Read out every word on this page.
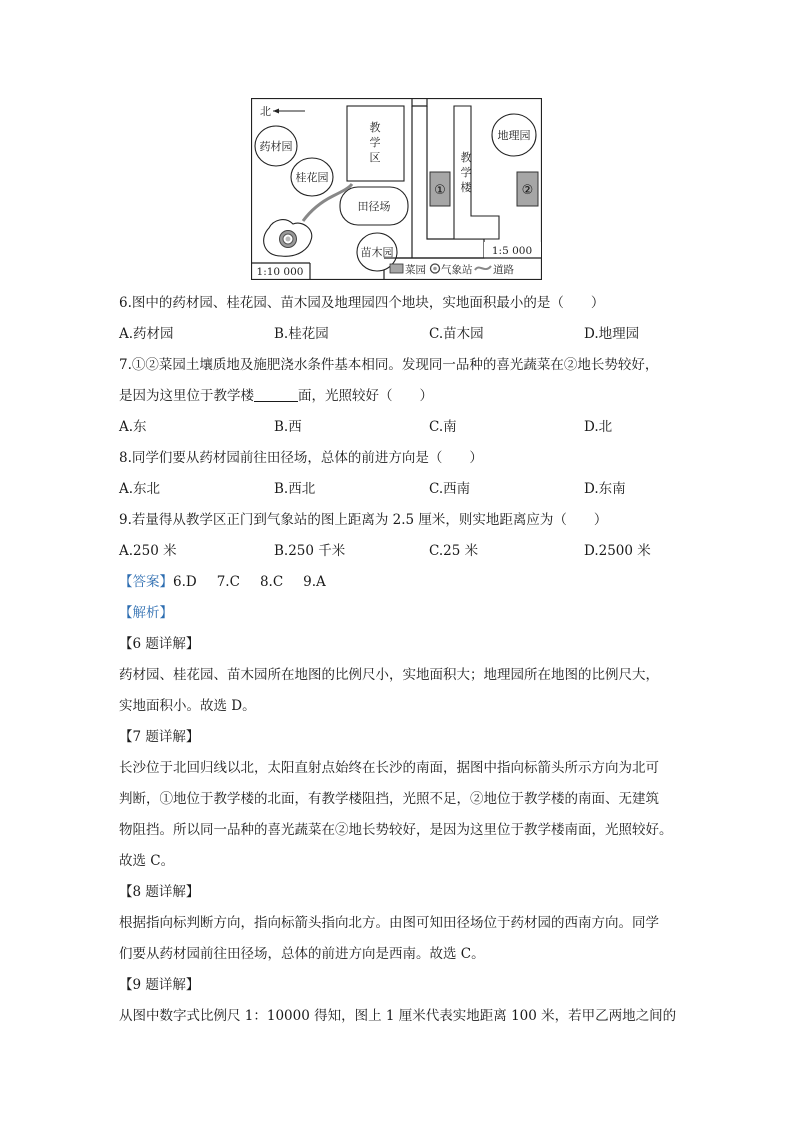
北
药材园
桂花园
教
学
区
田径场
苗木园
教
学
楼
地理园
①	②
1:5 000
1:10 000	菜园 气象站 道路
6.图中的药材园、桂花园、苗木园及地理园四个地块，实地面积最小的是（　　）
A.药材园	B.桂花园	C.苗木园	D.地理园
7.①②菜园土壤质地及施肥浇水条件基本相同。发现同一品种的喜光蔬菜在②地长势较好，
是因为这里位于教学楼	面，光照较好（　　）
A.东	B.西	C.南	D.北
8.同学们要从药材园前往田径场，总体的前进方向是（　　）
A.东北	B.西北	C.西南	D.东南
9.若量得从教学区正门到气象站的图上距离为 2.5 厘米，则实地距离应为（　　）
A.250 米	B.250 千米	C.25 米	D.2500 米
【答案】6.D 7.C 8.C 9.A
【解析】
【6 题详解】
药材园、桂花园、苗木园所在地图的比例尺小，实地面积大；地理园所在地图的比例尺大，
实地面积小。故选 D。
【7 题详解】
长沙位于北回归线以北，太阳直射点始终在长沙的南面，据图中指向标箭头所示方向为北可
判断，①地位于教学楼的北面，有教学楼阻挡，光照不足，②地位于教学楼的南面、无建筑
物阻挡。所以同一品种的喜光蔬菜在②地长势较好，是因为这里位于教学楼南面，光照较好。
故选 C。
【8 题详解】
根据指向标判断方向，指向标箭头指向北方。由图可知田径场位于药材园的西南方向。同学
们要从药材园前往田径场，总体的前进方向是西南。故选 C。
【9 题详解】
从图中数字式比例尺 1：10000 得知，图上 1 厘米代表实地距离 100 米，若甲乙两地之间的
